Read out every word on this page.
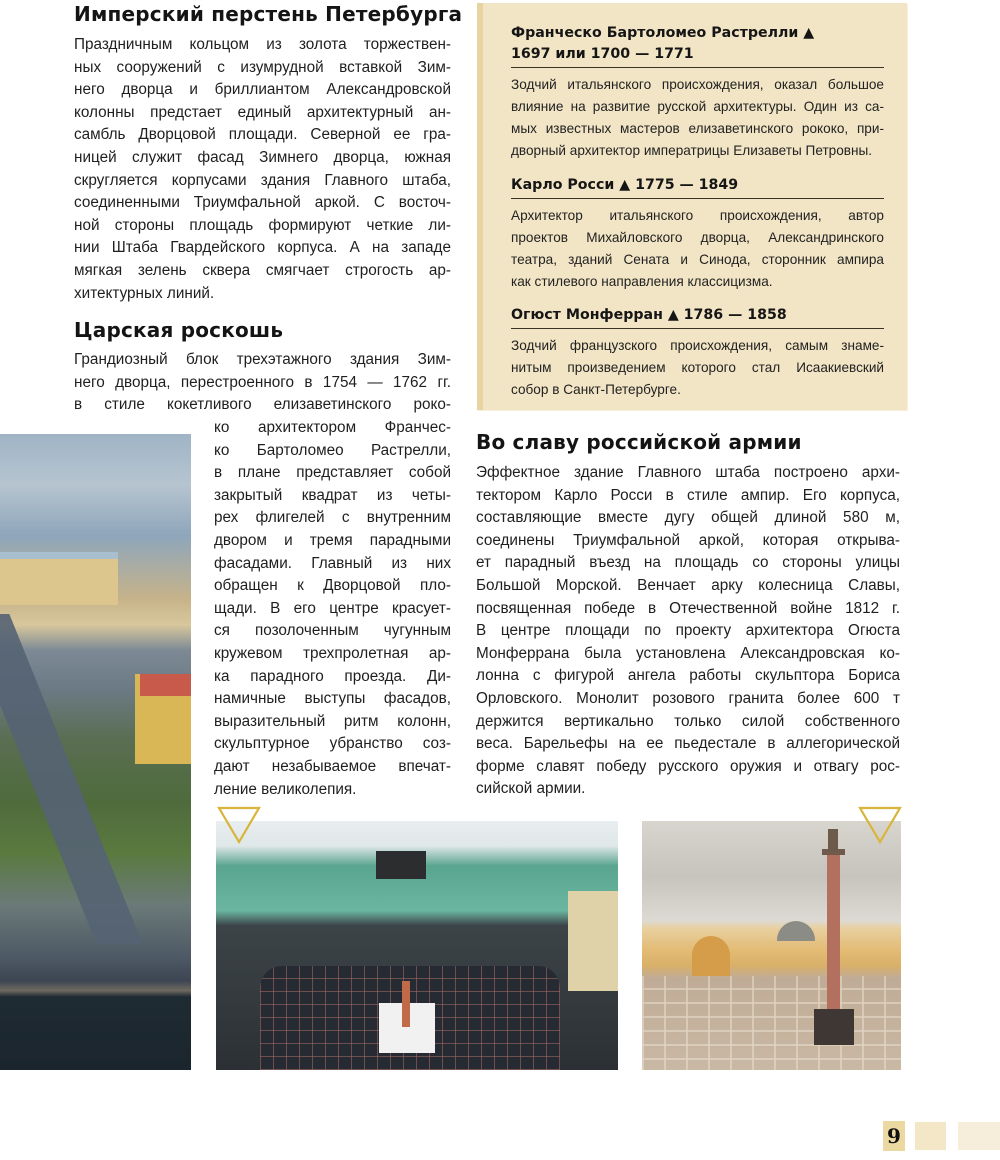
Имперский перстень Петербурга
Праздничным кольцом из золота торжествен-
ных сооружений с изумрудной вставкой Зим-
него дворца и бриллиантом Александровской
колонны предстает единый архитектурный ан-
самбль Дворцовой площади. Северной ее гра-
ницей служит фасад Зимнего дворца, южная
скругляется корпусами здания Главного штаба,
соединенными Триумфальной аркой. С восточ-
ной стороны площадь формируют четкие ли-
нии Штаба Гвардейского корпуса. А на западе
мягкая зелень сквера смягчает строгость ар-
хитектурных линий.
Царская роскошь
Грандиозный блок трехэтажного здания Зим-
него дворца, перестроенного в 1754 — 1762 гг.
в стиле кокетливого елизаветинского роко-
ко архитектором Франчес-
ко Бартоломео Растрелли,
в плане представляет собой
закрытый квадрат из четы-
рех флигелей с внутренним
двором и тремя парадными
фасадами. Главный из них
обращен к Дворцовой пло-
щади. В его центре красует-
ся позолоченным чугунным
кружевом трехпролетная ар-
ка парадного проезда. Ди-
намичные выступы фасадов,
выразительный ритм колонн,
скульптурное убранство соз-
дают незабываемое впечат-
ление великолепия.
Франческо Бартоломео Растрелли ▲
1697 или 1700 — 1771
Зодчий итальянского происхождения, оказал большое
влияние на развитие русской архитектуры. Один из са-
мых известных мастеров елизаветинского рококо, при-
дворный архитектор императрицы Елизаветы Петровны.
Карло Росси ▲ 1775 — 1849
Архитектор итальянского происхождения, автор
проектов Михайловского дворца, Александринского
театра, зданий Сената и Синода, сторонник ампира
как стилевого направления классицизма.
Огюст Монферран ▲ 1786 — 1858
Зодчий французского происхождения, самым знаме-
нитым произведением которого стал Исаакиевский
собор в Санкт-Петербурге.
Во славу российской армии
Эффектное здание Главного штаба построено архи-
тектором Карло Росси в стиле ампир. Его корпуса,
составляющие вместе дугу общей длиной 580 м,
соединены Триумфальной аркой, которая открыва-
ет парадный въезд на площадь со стороны улицы
Большой Морской. Венчает арку колесница Славы,
посвященная победе в Отечественной войне 1812 г.
В центре площади по проекту архитектора Огюста
Монферрана была установлена Александровская ко-
лонна с фигурой ангела работы скульптора Бориса
Орловского. Монолит розового гранита более 600 т
держится вертикально только силой собственного
веса. Барельефы на ее пьедестале в аллегорической
форме славят победу русского оружия и отвагу рос-
сийской армии.
9
